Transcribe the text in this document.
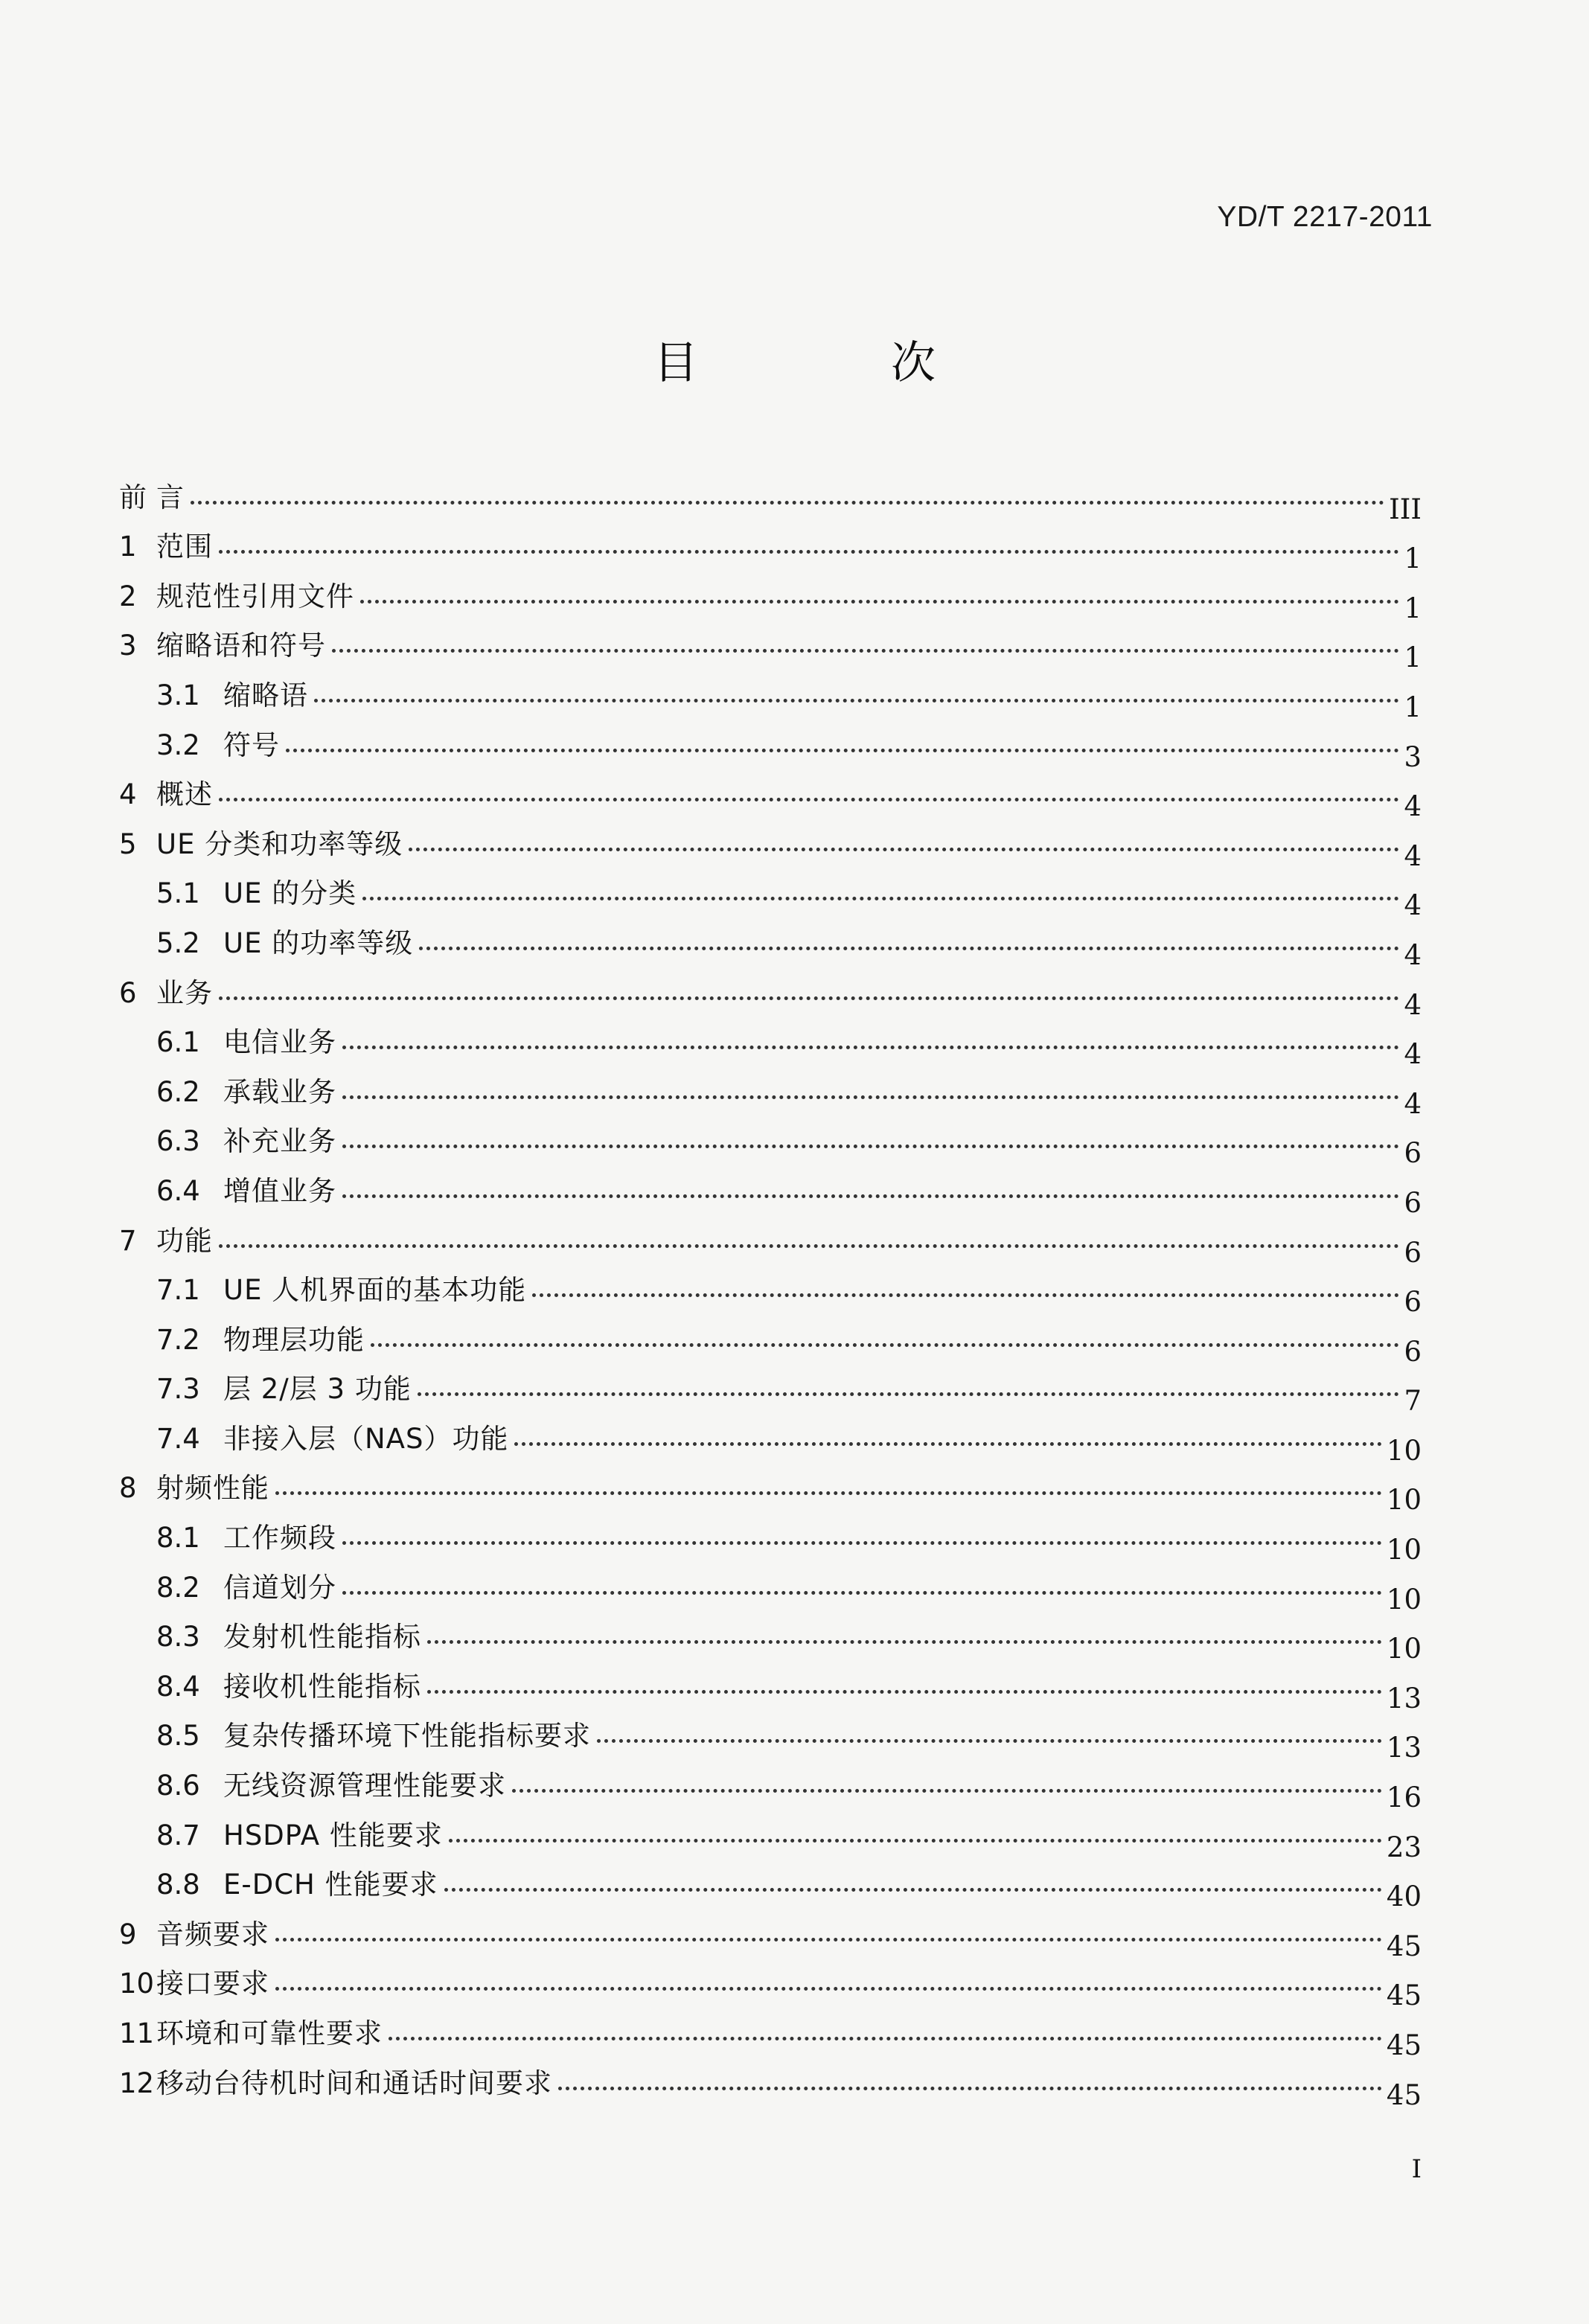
YD/T 2217-2011
目 次
前 言	III
1 范围	1
2 规范性引用文件	1
3 缩略语和符号	1
3.1 缩略语	1
3.2 符号	3
4 概述	4
5 UE 分类和功率等级	4
5.1 UE 的分类	4
5.2 UE 的功率等级	4
6 业务	4
6.1 电信业务	4
6.2 承载业务	4
6.3 补充业务	6
6.4 增值业务	6
7 功能	6
7.1 UE 人机界面的基本功能	6
7.2 物理层功能	6
7.3 层 2/层 3 功能	7
7.4 非接入层（NAS）功能	10
8 射频性能	10
8.1 工作频段	10
8.2 信道划分	10
8.3 发射机性能指标	10
8.4 接收机性能指标	13
8.5 复杂传播环境下性能指标要求	13
8.6 无线资源管理性能要求	16
8.7 HSDPA 性能要求	23
8.8 E-DCH 性能要求	40
9 音频要求	45
10 接口要求	45
11 环境和可靠性要求	45
12 移动台待机时间和通话时间要求	45
I
